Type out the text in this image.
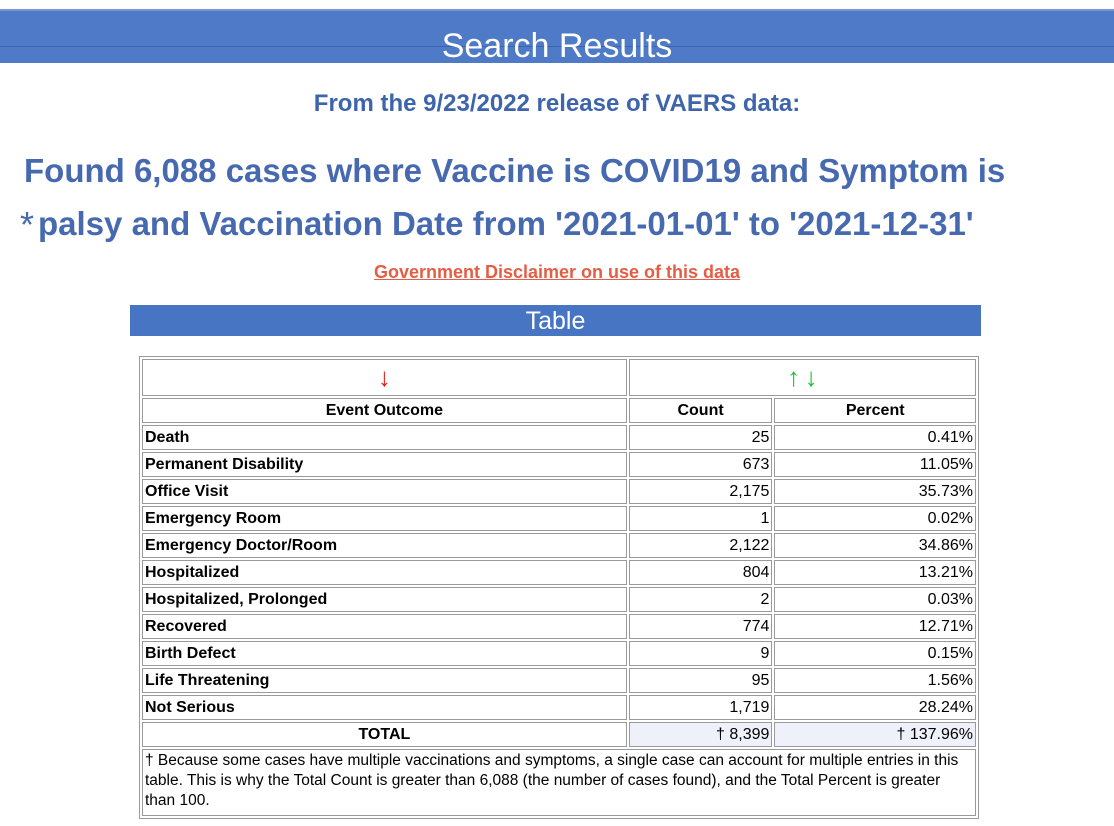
Search Results
From the 9/23/2022 release of VAERS data:
Found 6,088 cases where Vaccine is COVID19 and Symptom is
* palsy and Vaccination Date from '2021-01-01' to '2021-12-31'
Government Disclaimer on use of this data
Table
↓	↑ ↓	
Event Outcome	Count	Percent
Death	25	0.41%
Permanent Disability	673	11.05%
Office Visit	2,175	35.73%
Emergency Room	1	0.02%
Emergency Doctor/Room	2,122	34.86%
Hospitalized	804	13.21%
Hospitalized, Prolonged	2	0.03%
Recovered	774	12.71%
Birth Defect	9	0.15%
Life Threatening	95	1.56%
Not Serious	1,719	28.24%
TOTAL	† 8,399	† 137.96%
† Because some cases have multiple vaccinations and symptoms, a single case can account for multiple entries in this table. This is why the Total Count is greater than 6,088 (the number of cases found), and the Total Percent is greater than 100.		
